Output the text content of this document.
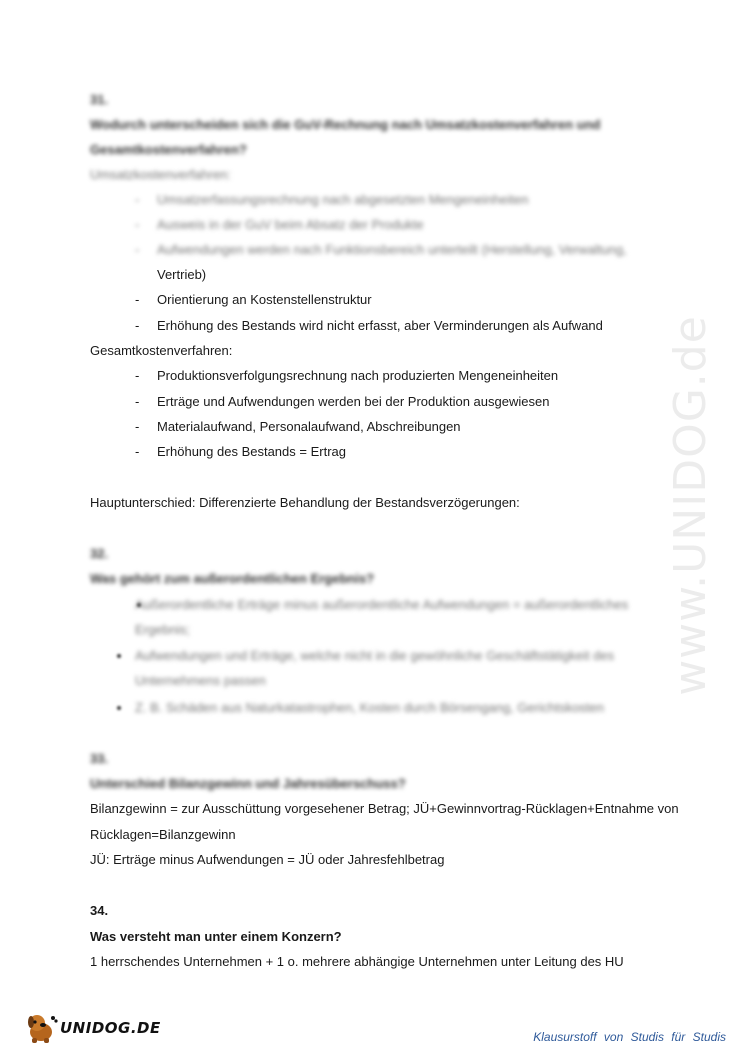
www.UNIDOG.de
31.
Wodurch unterscheiden sich die GuV-Rechnung nach Umsatzkostenverfahren und
Gesamtkostenverfahren?
Umsatzkostenverfahren:
- Umsatzerfassungsrechnung nach abgesetzten Mengeneinheiten
- Ausweis in der GuV beim Absatz der Produkte
- Aufwendungen werden nach Funktionsbereich unterteilt (Herstellung, Verwaltung,
Vertrieb)
- Orientierung an Kostenstellenstruktur
- Erhöhung des Bestands wird nicht erfasst, aber Verminderungen als Aufwand
Gesamtkostenverfahren:
- Produktionsverfolgungsrechnung nach produzierten Mengeneinheiten
- Erträge und Aufwendungen werden bei der Produktion ausgewiesen
- Materialaufwand, Personalaufwand, Abschreibungen
- Erhöhung des Bestands = Ertrag
Hauptunterschied: Differenzierte Behandlung der Bestandsverzögerungen:
32.
Was gehört zum außerordentlichen Ergebnis?
Außerordentliche Erträge minus außerordentliche Aufwendungen = außerordentliches
Ergebnis;
Aufwendungen und Erträge, welche nicht in die gewöhnliche Geschäftstätigkeit des
Unternehmens passen
Z. B. Schäden aus Naturkatastrophen, Kosten durch Börsengang, Gerichtskosten
33.
Unterschied Bilanzgewinn und Jahresüberschuss?
Bilanzgewinn = zur Ausschüttung vorgesehener Betrag; JÜ+Gewinnvortrag-Rücklagen+Entnahme von
Rücklagen=Bilanzgewinn
JÜ: Erträge minus Aufwendungen = JÜ oder Jahresfehlbetrag
34.
Was versteht man unter einem Konzern?
1 herrschendes Unternehmen + 1 o. mehrere abhängige Unternehmen unter Leitung des HU
UNIDOG.DE	Klausurstoff von Studis für Studis
